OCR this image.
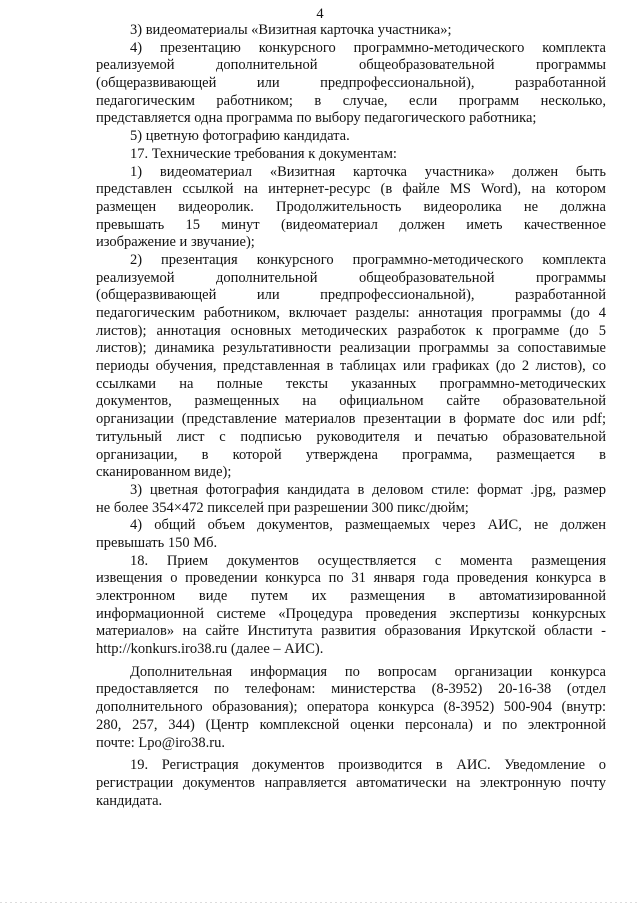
4
3) видеоматериалы «Визитная карточка участника»;
4) презентацию конкурсного программно-методического комплекта
реализуемой дополнительной общеобразовательной программы
(общеразвивающей или предпрофессиональной), разработанной
педагогическим работником; в случае, если программ несколько,
представляется одна программа по выбору педагогического работника;
5) цветную фотографию кандидата.
17. Технические требования к документам:
1) видеоматериал «Визитная карточка участника» должен быть
представлен ссылкой на интернет-ресурс (в файле MS Word), на котором
размещен видеоролик. Продолжительность видеоролика не должна
превышать 15 минут (видеоматериал должен иметь качественное
изображение и звучание);
2) презентация конкурсного программно-методического комплекта
реализуемой дополнительной общеобразовательной программы
(общеразвивающей или предпрофессиональной), разработанной
педагогическим работником, включает разделы: аннотация программы (до 4
листов); аннотация основных методических разработок к программе (до 5
листов); динамика результативности реализации программы за сопоставимые
периоды обучения, представленная в таблицах или графиках (до 2 листов), со
ссылками на полные тексты указанных программно-методических
документов, размещенных на официальном сайте образовательной
организации (представление материалов презентации в формате doc или pdf;
титульный лист с подписью руководителя и печатью образовательной
организации, в которой утверждена программа, размещается в
сканированном виде);
3) цветная фотография кандидата в деловом стиле: формат .jpg, размер
не более 354×472 пикселей при разрешении 300 пикс/дюйм;
4) общий объем документов, размещаемых через АИС, не должен
превышать 150 Мб.
18. Прием документов осуществляется с момента размещения
извещения о проведении конкурса по 31 января года проведения конкурса в
электронном виде путем их размещения в автоматизированной
информационной системе «Процедура проведения экспертизы конкурсных
материалов» на сайте Института развития образования Иркутской области -
http://konkurs.iro38.ru (далее – АИС).
Дополнительная информация по вопросам организации конкурса
предоставляется по телефонам: министерства (8-3952) 20-16-38 (отдел
дополнительного образования); оператора конкурса (8-3952) 500-904 (внутр:
280, 257, 344) (Центр комплексной оценки персонала) и по электронной
почте: Lpo@iro38.ru.
19. Регистрация документов производится в АИС. Уведомление о
регистрации документов направляется автоматически на электронную почту
кандидата.
